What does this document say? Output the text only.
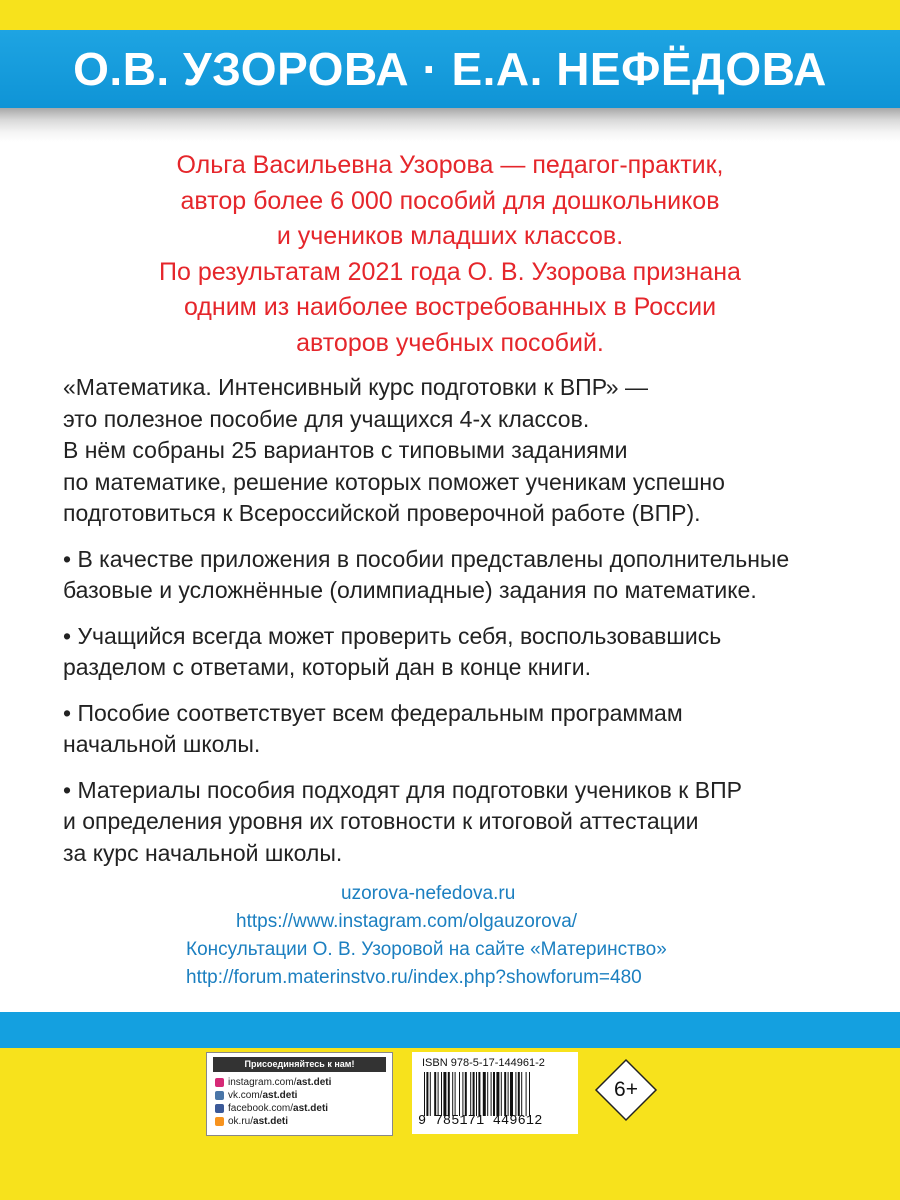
О.В. УЗОРОВА · Е.А. НЕФЁДОВА
Ольга Васильевна Узорова — педагог-практик,
автор более 6 000 пособий для дошкольников
и учеников младших классов.
По результатам 2021 года О. В. Узорова признана
одним из наиболее востребованных в России
авторов учебных пособий.

«Математика. Интенсивный курс подготовки к ВПР» —
это полезное пособие для учащихся 4-х классов.
В нём собраны 25 вариантов с типовыми заданиями
по математике, решение которых поможет ученикам успешно
подготовиться к Всероссийской проверочной работе (ВПР).

• В качестве приложения в пособии представлены дополнительные
базовые и усложнённые (олимпиадные) задания по математике.

• Учащийся всегда может проверить себя, воспользовавшись
разделом с ответами, который дан в конце книги.

• Пособие соответствует всем федеральным программам
начальной школы.

• Материалы пособия подходят для подготовки учеников к ВПР
и определения уровня их готовности к итоговой аттестации
за курс начальной школы.

uzorova-nefedova.ru
https://www.instagram.com/olgauzorova/
Консультации О. В. Узоровой на сайте «Материнство»
http://forum.materinstvo.ru/index.php?showforum=480
Присоединяйтесь к нам!
instagram.com/ ast.deti
vk.com/ ast.deti
facebook.com/ ast.deti
ok.ru/ ast.deti
ISBN 978-5-17-144961-2
9 785171 449612
6+
